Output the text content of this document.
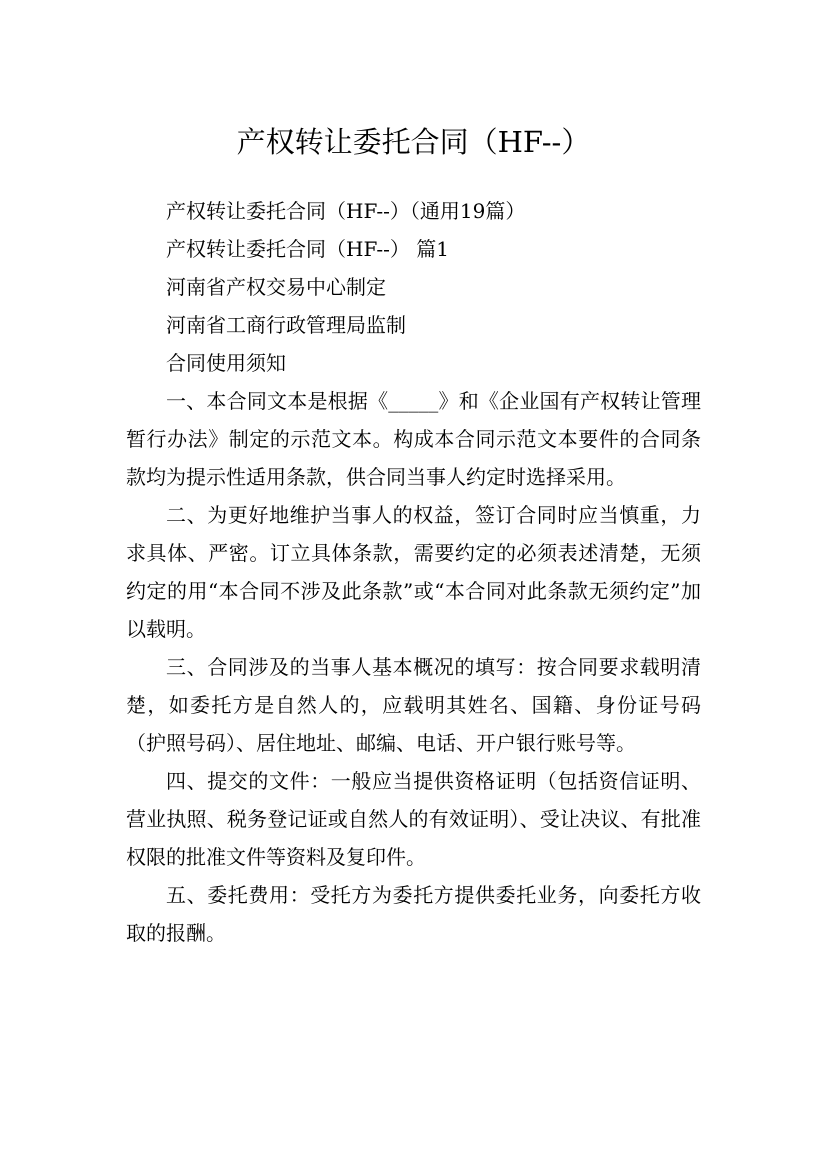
产权转让委托合同（HF--）

产权转让委托合同（HF--）（通用19篇）

产权转让委托合同（HF--） 篇1

河南省产权交易中心制定

河南省工商行政管理局监制

合同使用须知

一、本合同文本是根据《_____》和《企业国有产权转让管理暂行办法》制定的示范文本。构成本合同示范文本要件的合同条款均为提示性适用条款，供合同当事人约定时选择采用。

二、为更好地维护当事人的权益，签订合同时应当慎重，力求具体、严密。订立具体条款，需要约定的必须表述清楚，无须约定的用“本合同不涉及此条款”或“本合同对此条款无须约定”加以载明。

三、合同涉及的当事人基本概况的填写：按合同要求载明清楚，如委托方是自然人的，应载明其姓名、国籍、身份证号码（护照号码）、居住地址、邮编、电话、开户银行账号等。

四、提交的文件：一般应当提供资格证明（包括资信证明、营业执照、税务登记证或自然人的有效证明）、受让决议、有批准权限的批准文件等资料及复印件。

五、委托费用：受托方为委托方提供委托业务，向委托方收取的报酬。
